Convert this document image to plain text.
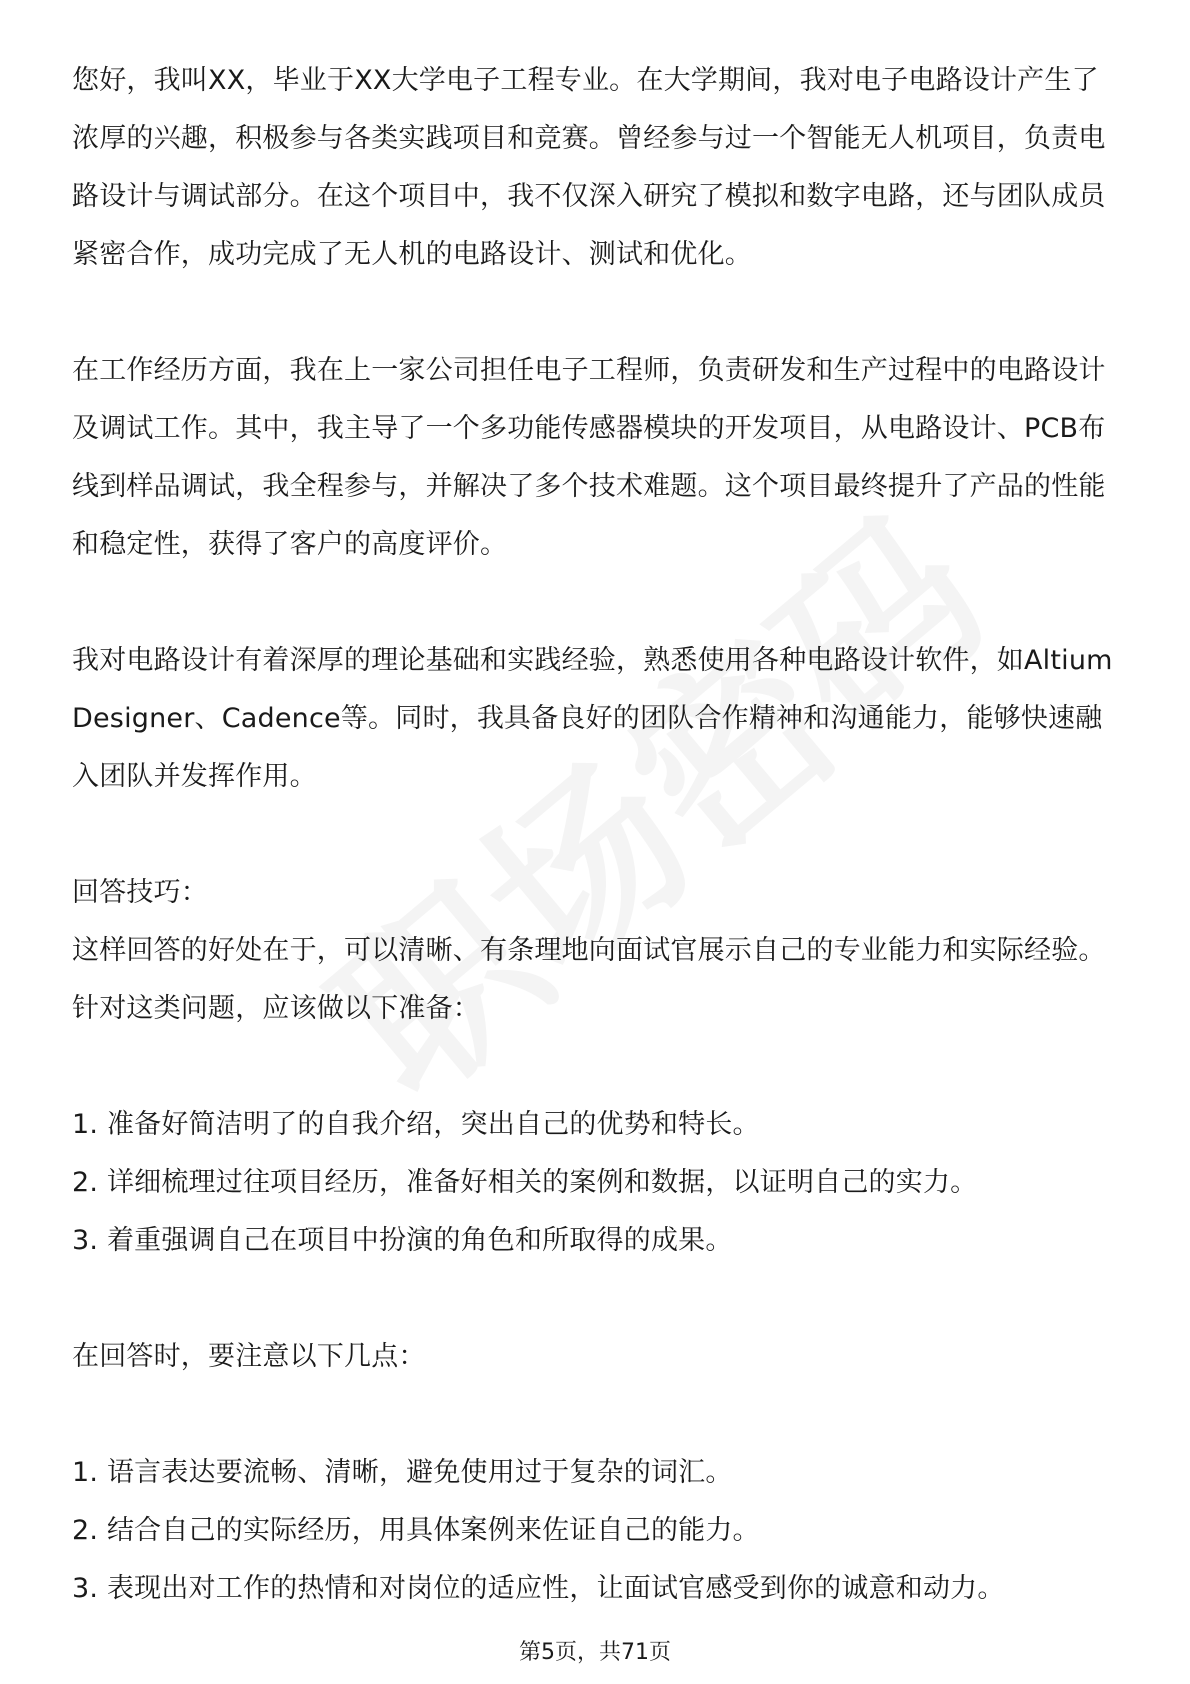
您好，我叫XX，毕业于XX大学电子工程专业。在大学期间，我对电子电路设计产生了浓厚的兴趣，积极参与各类实践项目和竞赛。曾经参与过一个智能无人机项目，负责电路设计与调试部分。在这个项目中，我不仅深入研究了模拟和数字电路，还与团队成员紧密合作，成功完成了无人机的电路设计、测试和优化。

在工作经历方面，我在上一家公司担任电子工程师，负责研发和生产过程中的电路设计及调试工作。其中，我主导了一个多功能传感器模块的开发项目，从电路设计、PCB布线到样品调试，我全程参与，并解决了多个技术难题。这个项目最终提升了产品的性能和稳定性，获得了客户的高度评价。

我对电路设计有着深厚的理论基础和实践经验，熟悉使用各种电路设计软件，如Altium Designer、Cadence等。同时，我具备良好的团队合作精神和沟通能力，能够快速融入团队并发挥作用。

回答技巧：

这样回答的好处在于，可以清晰、有条理地向面试官展示自己的专业能力和实际经验。针对这类问题，应该做以下准备：

1. 准备好简洁明了的自我介绍，突出自己的优势和特长。

2. 详细梳理过往项目经历，准备好相关的案例和数据，以证明自己的实力。

3. 着重强调自己在项目中扮演的角色和所取得的成果。

在回答时，要注意以下几点：

1. 语言表达要流畅、清晰，避免使用过于复杂的词汇。

2. 结合自己的实际经历，用具体案例来佐证自己的能力。

3. 表现出对工作的热情和对岗位的适应性，让面试官感受到你的诚意和动力。

第5页，共71页
